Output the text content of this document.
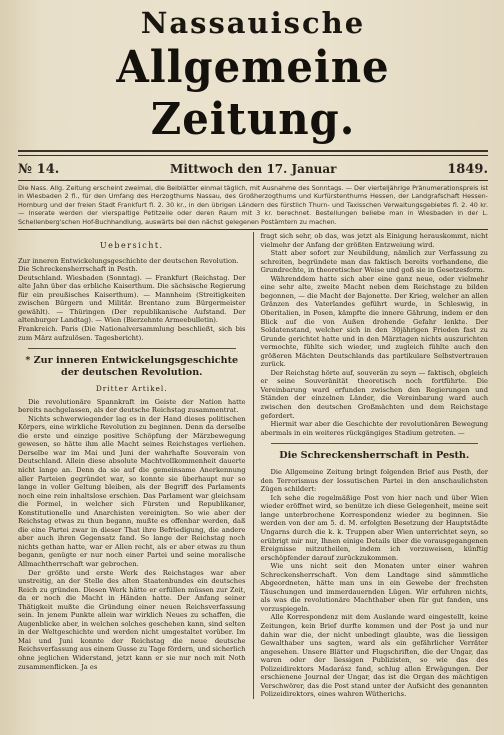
Nassauische
Allgemeine Zeitung.
№ 14.	Mittwoch den 17. Januar	1849.
Die Nass. Allg. Zeitung erscheint zweimal, die Beiblätter einmal täglich, mit Ausnahme des Sonntags. — Der vierteljährige Pränumerationspreis ist in Wiesbaden 2 fl., für den Umfang des Herzogthums Nassau, des Großherzogthums und Kurfürstenthums Hessen, der Landgrafschaft Hessen-Homburg und der freien Stadt Frankfurt fl. 2. 30 kr., in den übrigen Ländern des fürstlich Thurn- und Taxisschen Verwaltungsgebietes fl. 2. 40 kr. — Inserate werden der vierspaltige Petitzeile oder deren Raum mit 3 kr. berechnet. Bestellungen beliebe man in Wiesbaden in der L. Schellenberg'schen Hof-Buchhandlung, auswärts bei den nächst gelegenen Postämtern zu machen.
Uebersicht.

Zur inneren Entwickelungsgeschichte der deutschen Revolution.

Die Schreckensherrschaft in Pesth.

Deutschland. Wiesbaden (Sonntag). — Frankfurt (Reichstag. Der alte Jahn über das erbliche Kaiserthum. Die sächsische Regierung für ein preußisches Kaiserthum). — Mannheim (Streitigkeiten zwischen Bürgern und Militär. Brentano zum Bürgermeister gewählt). — Thüringen (Der republikanische Aufstand. Der altenburger Landtag). — Wien (Bierzehnte Armeebulletin).

Frankreich. Paris (Die Nationalversammlung beschließt, sich bis zum März aufzulösen. Tagesbericht).

* Zur inneren Entwickelungsgeschichte der deutschen Revolution.
Dritter Artikel.

Die revolutionäre Spannkraft im Geiste der Nation hatte bereits nachgelassen, als der deutsche Reichstag zusammentrat.

Nichts schwerwiegender lag es in der Hand dieses politischen Körpers, eine wirkliche Revolution zu beginnen. Denn da derselbe die erste und einzige positive Schöpfung der Märzbewegung gewesen, so hätte ihm alle Macht seines Reichstages verliehen. Derselbe war im Mai und Juni der wahrhafte Souverain von Deutschland. Allein diese absolute Machtvollkommenheit dauerte nicht lange an. Denn da sie auf die gemeinsame Anerkennung aller Parteien gegründet war, so konnte sie überhaupt nur so lange in voller Geltung bleiben, als der Begriff des Parlaments noch eine rein inhaltslose erschien. Das Parlament war gleichsam die Formel, in welcher sich Fürsten und Republikaner, Konstitutionelle und Anarchisten vereinigten. So wie aber der Reichstag etwas zu thun begann, mußte es offenbar werden, daß die eine Partei zwar in dieser That ihre Befriedigung, die andere aber auch ihren Gegensatz fand. So lange der Reichstag noch nichts gethan hatte, war er Allen recht, als er aber etwas zu thun begann, genügte er nur noch einer Partei und seine moralische Allmachtherrschaft war gebrochen.

Der größte und erste Werk des Reichstages war aber unstreitig, an der Stelle des alten Staatenbundes ein deutsches Reich zu gründen. Diesen Werk hätte er erfüllen müssen zur Zeit, da er noch die Macht in Händen hatte. Der Anfang seiner Thätigkeit mußte die Gründung einer neuen Reichsverfassung sein. In jenem Punkte allein war wirklich Neues zu schaffen, die Augenblicke aber, in welchen solches geschehen kann, sind selten in der Weltgeschichte und werden nicht umgestaltet vorüber. Im Mai und Juni konnte der Reichstag die neue deutsche Reichsverfassung aus einem Gusse zu Tage fördern, und sicherlich ohne jeglichen Widerstand, jetzt kann er sie nur noch mit Noth zusammenflicken. Ja es

fragt sich sehr, ob das, was jetzt als Einigung herauskommt, nicht vielmehr der Anfang der größten Entzweiung wird.

Statt aber sofort zur Neubildung, nämlich zur Verfassung zu schreiten, begründete man das faktisch bereits vorhandene, die Grundrechte, in theoretischer Weise und goß sie in Gesetzesform.

Währenddem hatte sich aber eine ganz neue, oder vielmehr eine sehr alte, zweite Macht neben dem Reichstage zu bilden begonnen, — die Macht der Bajonette. Der Krieg, welcher an allen Gränzen des Vaterlandes geführt wurde, in Schleswig, in Oberitalien, in Posen, kämpfte die innere Gährung, indem er den Blick auf die von Außen drohende Gefahr lenkte. Der Soldatenstand, welcher sich in den 30jährigen Frieden fast zu Grunde gerichtet hatte und in den Märztagen nichts auszurichten vermochte, fühlte sich wieder, und zugleich fühlte auch den größeren Mächten Deutschlands das partikulare Selbstvertrauen zurück.

Der Reichstag hörte auf, souverän zu seyn — faktisch, obgleich er seine Souveränität theoretisch noch fortführte. Die Vereinbarung ward erfunden zwischen den Regierungen und Ständen der einzelnen Länder, die Vereinbarung ward auch zwischen den deutschen Großmächten und dem Reichstage gefordert.

Hiermit war aber die Geschichte der revolutionären Bewegung abermals in ein weiteres rückgängiges Stadium getreten. —

Die Schreckensherrschaft in Pesth.

Die Allgemeine Zeitung bringt folgenden Brief aus Pesth, der den Terrorismus der lossutischen Partei in den anschaulichsten Zügen schildert:

Ich sehe die regelmäßige Post von hier nach und über Wien wieder eröffnet wird, so benütze ich diese Gelegenheit, meine seit lange unterbrochene Korrespondenz wieder zu beginnen. Sie werden von der am 5. d. M. erfolgten Besetzung der Hauptstädte Ungarns durch die k. k. Truppen aber Wien unterrichtet seyn, so erübrigt mir nur, Ihnen einige Details über die vorausgegangenen Ereignisse mitzutheilen, indem ich vorzuweisen, künftig erschöpfender darauf zurückzukommen.

Wie uns nicht seit den Monaten unter einer wahren Schreckensherrschaft. Von dem Landtage sind sämmtliche Abgeordneten, hätte man uns in ein Gewebe der frechsten Täuschungen und immerdauernden Lügen. Wir erfuhren nichts, als was die revolutionäre Machthaber eben für gut fanden, uns vorzuspiegeln.

Alle Korrespondenz mit dem Auslande ward eingestellt, keine Zeitungen, kein Brief durfte kommen und der Post ja und nur dahin war die, der nicht unbedingt glaubte, was die liessigen Gewalthaber uns sagten, ward als ein gefährlicher Verräter angesehen. Unsere Blätter und Flugschriften, die der Ungar, das waren oder der liessigen Publizisten, so wie das des Polizeidirektors Madarász fand, schlug allen Erwägungen. Der erschienene Journal der Ungar, das ist die Organ des mächtigen Verschwörer, das die Post stand unter der Aufsicht des genannten Polizeidirektors, eines wahren Wütherichs.
